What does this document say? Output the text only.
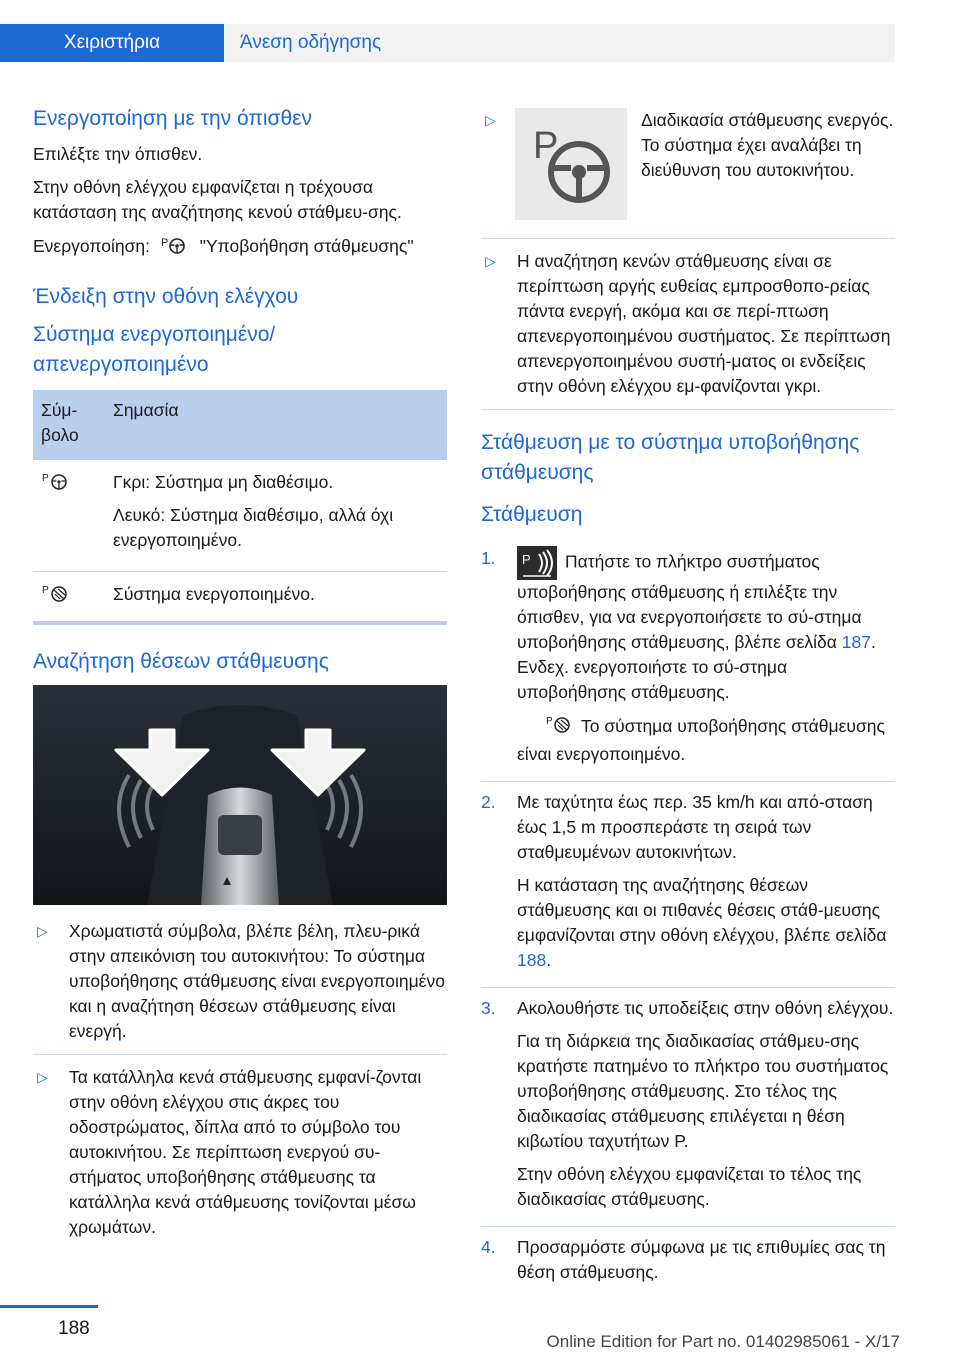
Χειριστήρια	Άνεση οδήγησης
Ενεργοποίηση με την όπισθεν

Επιλέξτε την όπισθεν.

Στην οθόνη ελέγχου εμφανίζεται η τρέχουσα κατάσταση της αναζήτησης κενού στάθμευ-σης.

Ενεργοποίηση: P "Υποβοήθηση στάθμευσης"

Ένδειξη στην οθόνη ελέγχου
Σύστημα ενεργοποιημένο/ απενεργοποιημένο
Σύμ-βολο	Σημασία

P	Γκρι: Σύστημα μη διαθέσιμο.

Λευκό: Σύστημα διαθέσιμο, αλλά όχι ενεργοποιημένο.

P	Σύστημα ενεργοποιημένο.
Αναζήτηση θέσεων στάθμευσης
▷ Χρωματιστά σύμβολα, βλέπε βέλη, πλευ-ρικά στην απεικόνιση του αυτοκινήτου: Το σύστημα υποβοήθησης στάθμευσης είναι ενεργοποιημένο και η αναζήτηση θέσεων στάθμευσης είναι ενεργή.
▷ Τα κατάλληλα κενά στάθμευσης εμφανί-ζονται στην οθόνη ελέγχου στις άκρες του οδοστρώματος, δίπλα από το σύμβολο του αυτοκινήτου. Σε περίπτωση ενεργού συ-στήματος υποβοήθησης στάθμευσης τα κατάλληλα κενά στάθμευσης τονίζονται μέσω χρωμάτων.
▷
P
Διαδικασία στάθμευσης ενεργός. Το σύστημα έχει αναλάβει τη διεύθυνση του αυτοκινήτου.
▷ Η αναζήτηση κενών στάθμευσης είναι σε περίπτωση αργής ευθείας εμπροσθοπο-ρείας πάντα ενεργή, ακόμα και σε περί-πτωση απενεργοποιημένου συστήματος. Σε περίπτωση απενεργοποιημένου συστή-ματος οι ενδείξεις στην οθόνη ελέγχου εμ-φανίζονται γκρι.
Στάθμευση με το σύστημα υποβοήθησης στάθμευσης
Στάθμευση
1. P Πατήστε το πλήκτρο συστήματος υποβοήθησης στάθμευσης ή επιλέξτε την όπισθεν, για να ενεργοποιήσετε το σύ-στημα υποβοήθησης στάθμευσης, βλέπε σελίδα 187. Ενδεχ. ενεργοποιήστε το σύ-στημα υποβοήθησης στάθμευσης.

P Το σύστημα υποβοήθησης στάθμευσης είναι ενεργοποιημένο.

2. Με ταχύτητα έως περ. 35 km/h και από-σταση έως 1,5 m προσπεράστε τη σειρά των σταθμευμένων αυτοκινήτων.

Η κατάσταση της αναζήτησης θέσεων στάθμευσης και οι πιθανές θέσεις στάθ-μευσης εμφανίζονται στην οθόνη ελέγχου, βλέπε σελίδα 188.

3. Ακολουθήστε τις υποδείξεις στην οθόνη ελέγχου.

Για τη διάρκεια της διαδικασίας στάθμευ-σης κρατήστε πατημένο το πλήκτρο του συστήματος υποβοήθησης στάθμευσης. Στο τέλος της διαδικασίας στάθμευσης επιλέγεται η θέση κιβωτίου ταχυτήτων P.

Στην οθόνη ελέγχου εμφανίζεται το τέλος της διαδικασίας στάθμευσης.

4. Προσαρμόστε σύμφωνα με τις επιθυμίες σας τη θέση στάθμευσης.

188
Online Edition for Part no. 01402985061 - X/17
